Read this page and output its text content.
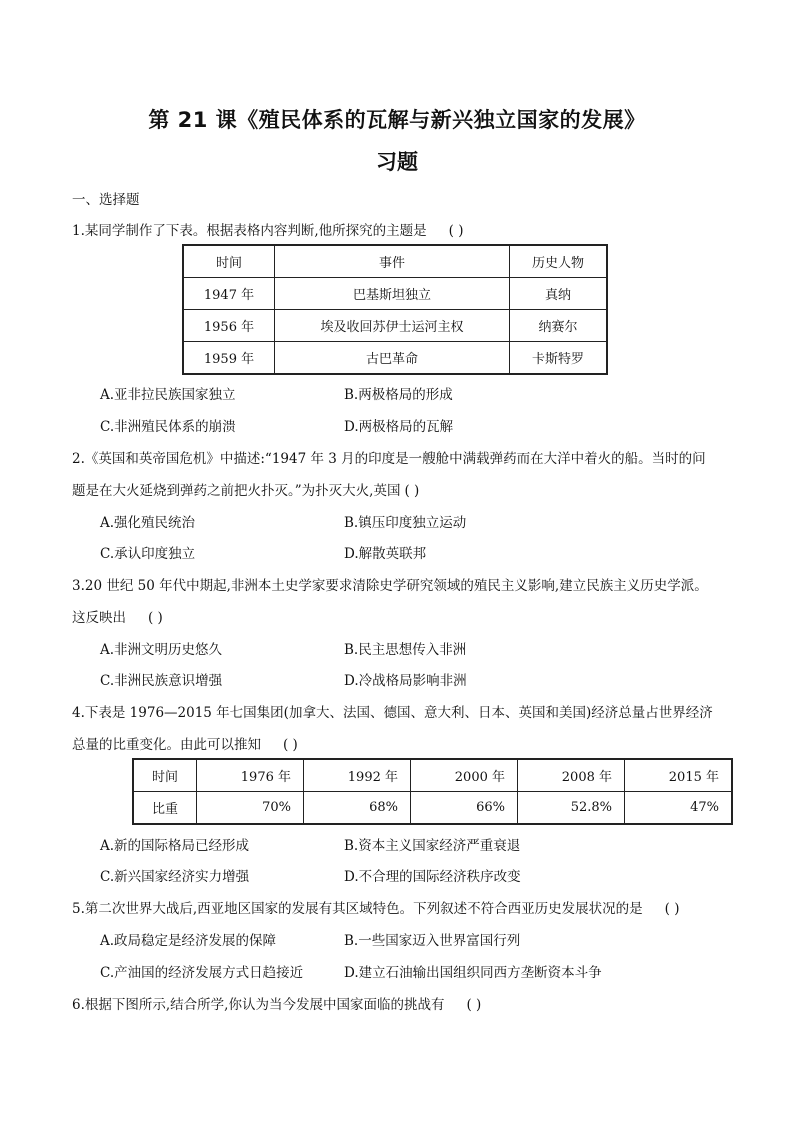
第 21 课《殖民体系的瓦解与新兴独立国家的发展》
习题
一、选择题
1.某同学制作了下表。根据表格内容判断,他所探究的主题是 ( )
时间	事件	历史人物
1947 年	巴基斯坦独立	真纳
1956 年	埃及收回苏伊士运河主权	纳赛尔
1959 年	古巴革命	卡斯特罗
A.亚非拉民族国家独立	B.两极格局的形成
C.非洲殖民体系的崩溃	D.两极格局的瓦解
2.《英国和英帝国危机》中描述:“1947 年 3 月的印度是一艘舱中满载弹药而在大洋中着火的船。当时的问
题是在大火延烧到弹药之前把火扑灭。”为扑灭大火,英国 ( )
A.强化殖民统治	B.镇压印度独立运动
C.承认印度独立	D.解散英联邦
3.20 世纪 50 年代中期起,非洲本土史学家要求清除史学研究领域的殖民主义影响,建立民族主义历史学派。
这反映出 ( )
A.非洲文明历史悠久	B.民主思想传入非洲
C.非洲民族意识增强	D.冷战格局影响非洲
4.下表是 1976—2015 年七国集团(加拿大、法国、德国、意大利、日本、英国和美国)经济总量占世界经济
总量的比重变化。由此可以推知 ( )
时间	1976 年	1992 年	2000 年	2008 年	2015 年
比重	70%	68%	66%	52.8%	47%
A.新的国际格局已经形成	B.资本主义国家经济严重衰退
C.新兴国家经济实力增强	D.不合理的国际经济秩序改变
5.第二次世界大战后,西亚地区国家的发展有其区域特色。下列叙述不符合西亚历史发展状况的是 ( )
A.政局稳定是经济发展的保障	B.一些国家迈入世界富国行列
C.产油国的经济发展方式日趋接近	D.建立石油输出国组织同西方垄断资本斗争
6.根据下图所示,结合所学,你认为当今发展中国家面临的挑战有 ( )
